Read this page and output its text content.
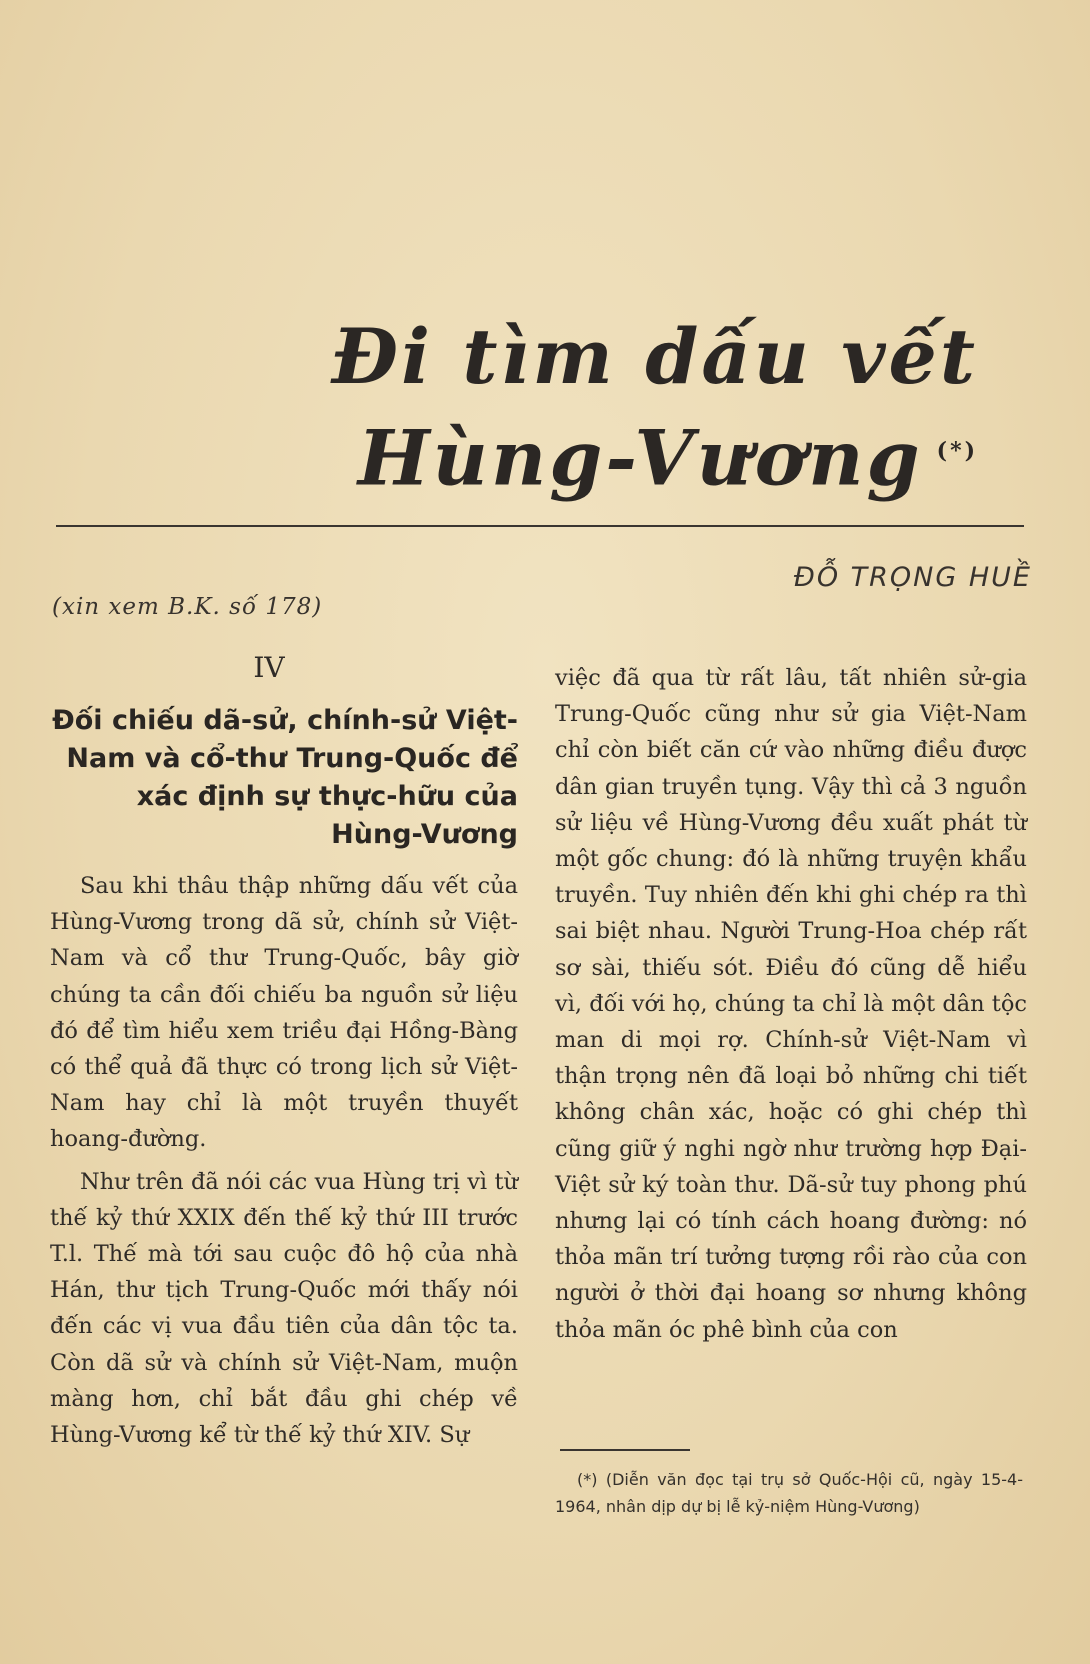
Đi tìm dấu vết
Hùng-Vương (*)
ĐỖ TRỌNG HUỀ
(xin xem B.K. số 178)
IV
Đối chiếu dã-sử, chính-sử Việt-Nam và cổ-thư Trung-Quốc để xác định sự thực-hữu của Hùng-Vương

Sau khi thâu thập những dấu vết của Hùng-Vương trong dã sử, chính sử Việt-Nam và cổ thư Trung-Quốc, bây giờ chúng ta cần đối chiếu ba nguồn sử liệu đó để tìm hiểu xem triều đại Hồng-Bàng có thể quả đã thực có trong lịch sử Việt-Nam hay chỉ là một truyền thuyết hoang-đường.

Như trên đã nói các vua Hùng trị vì từ thế kỷ thứ XXIX đến thế kỷ thứ III trước T.l. Thế mà tới sau cuộc đô hộ của nhà Hán, thư tịch Trung-Quốc mới thấy nói đến các vị vua đầu tiên của dân tộc ta. Còn dã sử và chính sử Việt-Nam, muộn màng hơn, chỉ bắt đầu ghi chép về Hùng-Vương kể từ thế kỷ thứ XIV. Sự

việc đã qua từ rất lâu, tất nhiên sử-gia Trung-Quốc cũng như sử gia Việt-Nam chỉ còn biết căn cứ vào những điều được dân gian truyền tụng. Vậy thì cả 3 nguồn sử liệu về Hùng-Vương đều xuất phát từ một gốc chung: đó là những truyện khẩu truyền. Tuy nhiên đến khi ghi chép ra thì sai biệt nhau. Người Trung-Hoa chép rất sơ sài, thiếu sót. Điều đó cũng dễ hiểu vì, đối với họ, chúng ta chỉ là một dân tộc man di mọi rợ. Chính-sử Việt-Nam vì thận trọng nên đã loại bỏ những chi tiết không chân xác, hoặc có ghi chép thì cũng giữ ý nghi ngờ như trường hợp Đại-Việt sử ký toàn thư. Dã-sử tuy phong phú nhưng lại có tính cách hoang đường: nó thỏa mãn trí tưởng tượng rồi rào của con người ở thời đại hoang sơ nhưng không thỏa mãn óc phê bình của con

(*) (Diễn văn đọc tại trụ sở Quốc-Hội cũ, ngày 15-4-1964, nhân dịp dự bị lễ kỷ-niệm Hùng-Vương)
